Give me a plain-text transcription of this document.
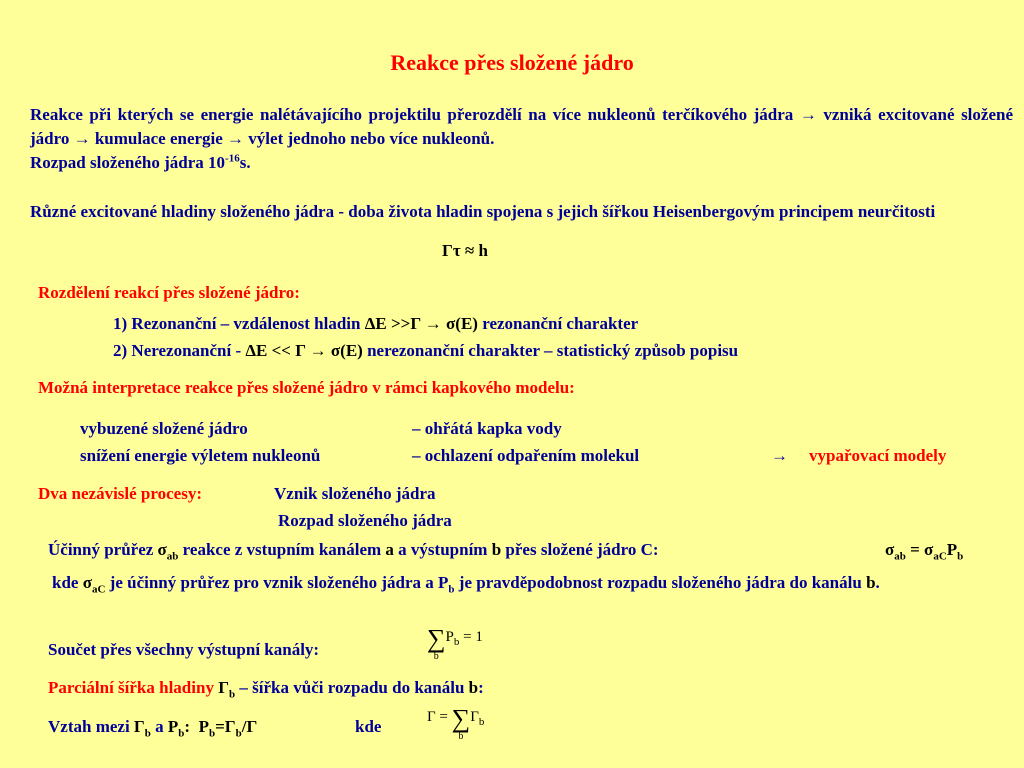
Reakce přes složené jádro
Reakce při kterých se energie nalétávajícího projektilu přerozdělí na více nukleonů terčíkového jádra → vzniká excitované složené jádro → kumulace energie → výlet jednoho nebo více nukleonů.
Rozpad složeného jádra $10^{-16}s$.
Různé excitované hladiny složeného jádra - doba života hladin spojena s jejich šířkou Heisenbergovým principem neurčitosti
Γτ ≈ h
Rozdělení reakcí přes složené jádro:
1) Rezonanční – vzdálenost hladin ΔE >>Γ → σ(E) rezonanční charakter
2) Nerezonanční - ΔE << Γ → σ(E) nerezonanční charakter – statistický způsob popisu
Možná interpretace reakce přes složené jádro v rámci kapkového modelu:
vybuzené složené jádro	– ohřátá kapka vody
snížení energie výletem nukleonů	– ochlazení odpařením molekul	→ vypařovací modely
Dva nezávislé procesy:	Vznik složeného jádra
Rozpad složeného jádra
Účinný průřez $\sigma_{ab}$ reakce z vstupním kanálem a a výstupním b přes složené jádro C:	$\sigma_{ab} = \sigma_{aC}P_b$
kde $\sigma_{aC}$ je účinný průřez pro vznik složeného jádra a $P_b$ je pravděpodobnost rozpadu složeného jádra do kanálu b.
Součet přes všechny výstupní kanály:	∑
b
$P_b = 1$
Parciální šířka hladiny $\Gamma_b$ – šířka vůči rozpadu do kanálu b:
Vztah mezi $\Gamma_b$ a $P_b$: $P_b=\Gamma_b/\Gamma$	kde	Γ = ∑
b
$\Gamma_b$
